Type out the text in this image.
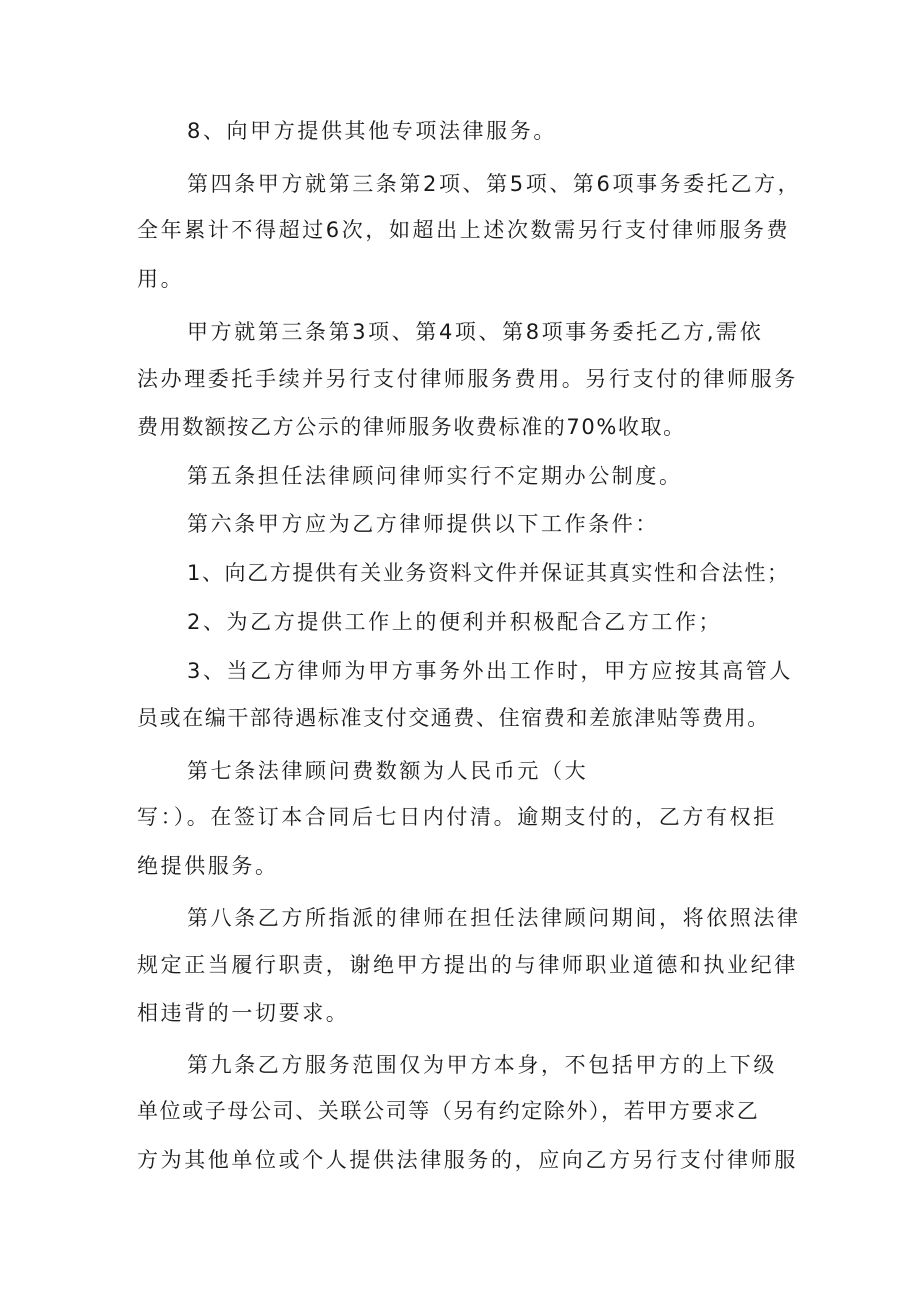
8、向甲方提供其他专项法律服务。

第四条甲方就第三条第2项、第5项、第6项事务委托乙方，

全年累计不得超过6次，如超出上述次数需另行支付律师服务费

用。

甲方就第三条第3项、第4项、第8项事务委托乙方,需依

法办理委托手续并另行支付律师服务费用。另行支付的律师服务

费用数额按乙方公示的律师服务收费标准的70%收取。

第五条担任法律顾问律师实行不定期办公制度。

第六条甲方应为乙方律师提供以下工作条件：

1、向乙方提供有关业务资料文件并保证其真实性和合法性；

2、为乙方提供工作上的便利并积极配合乙方工作；

3、当乙方律师为甲方事务外出工作时，甲方应按其高管人

员或在编干部待遇标准支付交通费、住宿费和差旅津贴等费用。

第七条法律顾问费数额为人民币元（大

写：）。在签订本合同后七日内付清。逾期支付的，乙方有权拒

绝提供服务。

第八条乙方所指派的律师在担任法律顾问期间，将依照法律

规定正当履行职责，谢绝甲方提出的与律师职业道德和执业纪律

相违背的一切要求。

第九条乙方服务范围仅为甲方本身，不包括甲方的上下级

单位或子母公司、关联公司等（另有约定除外），若甲方要求乙

方为其他单位或个人提供法律服务的，应向乙方另行支付律师服
